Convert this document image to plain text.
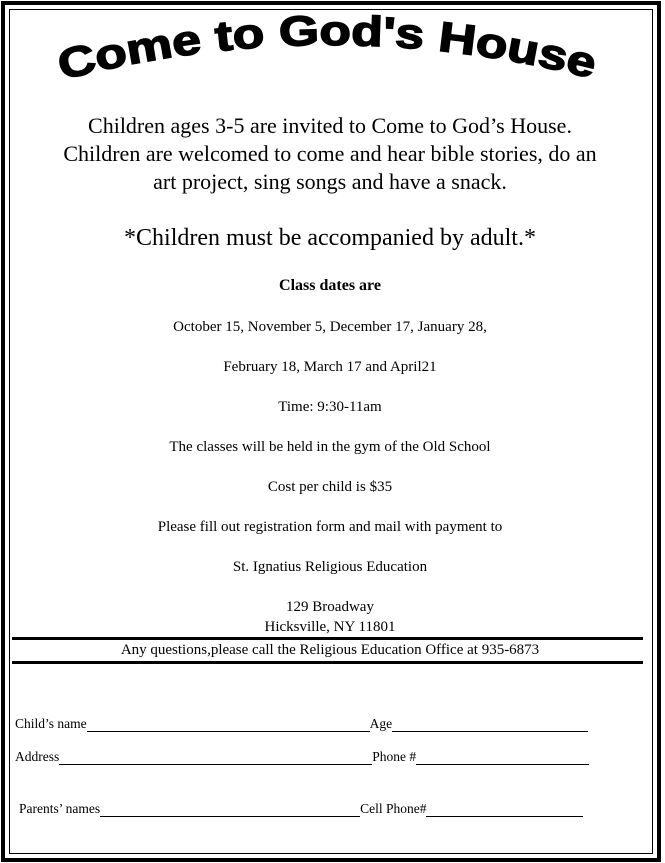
Come to God's House
Children ages 3-5 are invited to Come to God’s House.
Children are welcomed to come and hear bible stories, do an
art project, sing songs and have a snack.
*Children must be accompanied by adult.*
Class dates are
October 15, November 5, December 17, January 28,
February 18, March 17 and April21
Time: 9:30-11am
The classes will be held in the gym of the Old School
Cost per child is $35
Please fill out registration form and mail with payment to
St. Ignatius Religious Education
129 Broadway
Hicksville, NY 11801
Any questions,please call the Religious Education Office at 935-6873
Child’s name	Age
Address	Phone #
Parents’ names	Cell Phone#
